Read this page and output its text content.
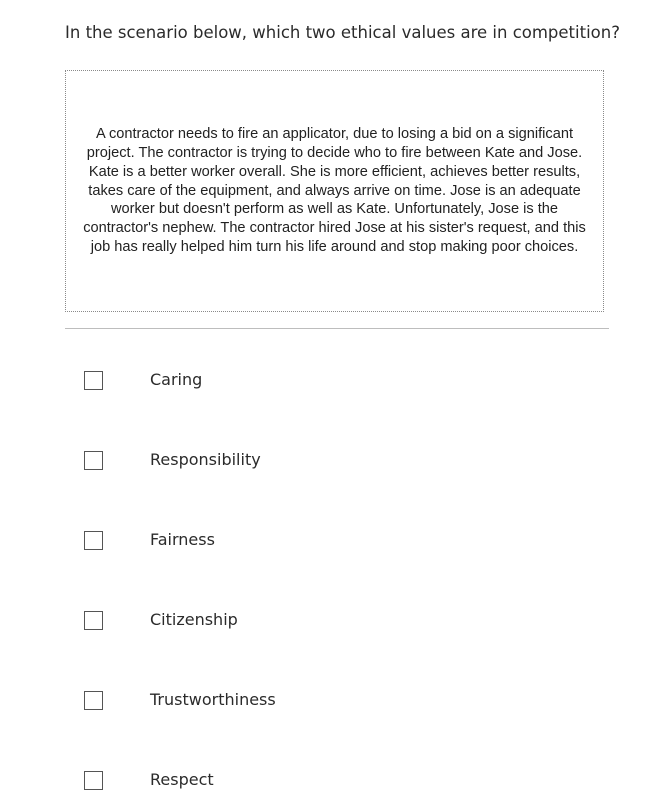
In the scenario below, which two ethical values are in competition?

A contractor needs to fire an applicator, due to losing a bid on a significant project. The contractor is trying to decide who to fire between Kate and Jose. Kate is a better worker overall. She is more efficient, achieves better results, takes care of the equipment, and always arrive on time. Jose is an adequate worker but doesn't perform as well as Kate. Unfortunately, Jose is the contractor's nephew. The contractor hired Jose at his sister's request, and this job has really helped him turn his life around and stop making poor choices.

Caring
Responsibility
Fairness
Citizenship
Trustworthiness
Respect
